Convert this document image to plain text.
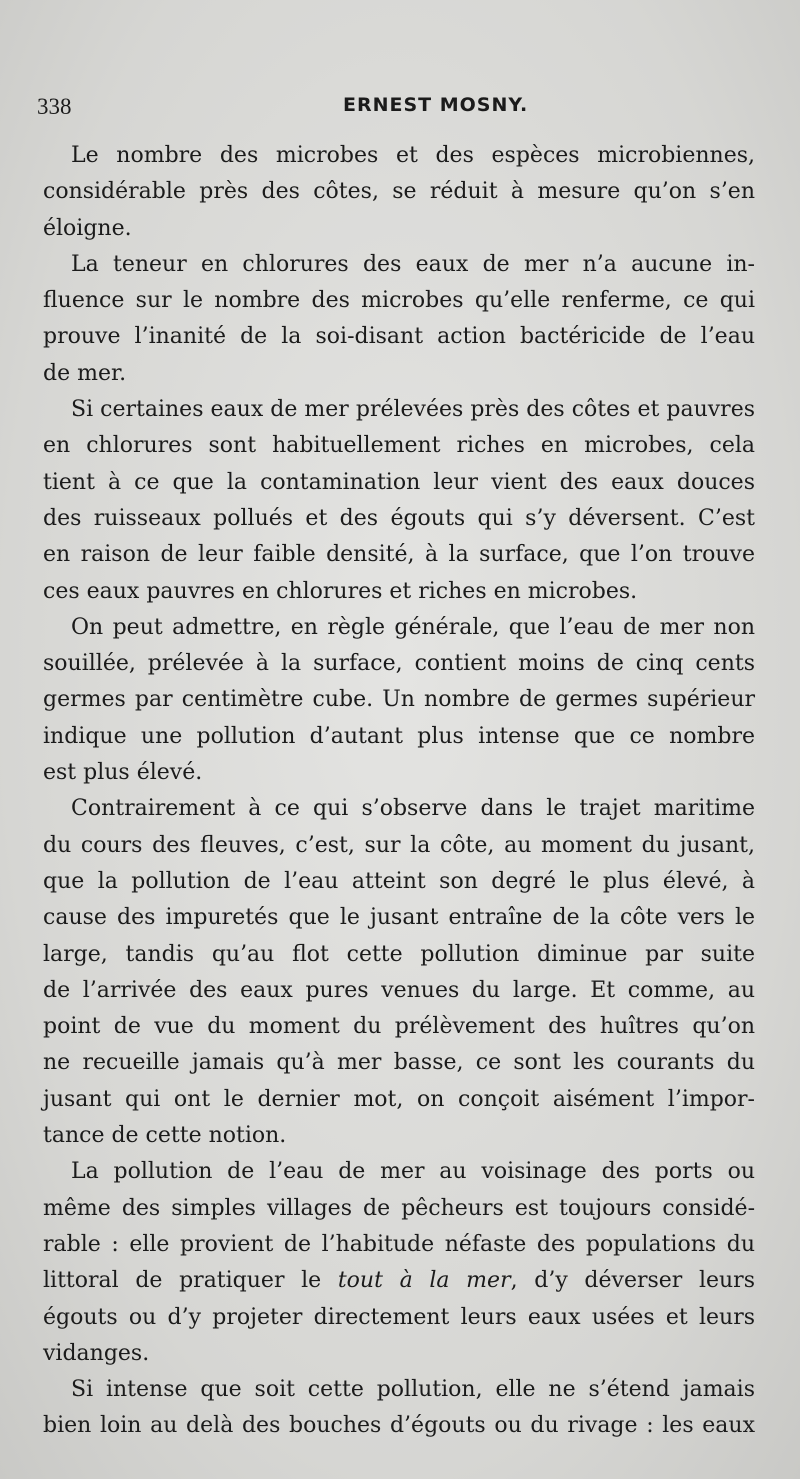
338	ERNEST MOSNY.
Le nombre des microbes et des espèces microbiennes,
considérable près des côtes, se réduit à mesure qu’on s’en
éloigne.
La teneur en chlorures des eaux de mer n’a aucune in-
fluence sur le nombre des microbes qu’elle renferme, ce qui
prouve l’inanité de la soi-disant action bactéricide de l’eau
de mer.
Si certaines eaux de mer prélevées près des côtes et pauvres
en chlorures sont habituellement riches en microbes, cela
tient à ce que la contamination leur vient des eaux douces
des ruisseaux pollués et des égouts qui s’y déversent. C’est
en raison de leur faible densité, à la surface, que l’on trouve
ces eaux pauvres en chlorures et riches en microbes.
On peut admettre, en règle générale, que l’eau de mer non
souillée, prélevée à la surface, contient moins de cinq cents
germes par centimètre cube. Un nombre de germes supérieur
indique une pollution d’autant plus intense que ce nombre
est plus élevé.
Contrairement à ce qui s’observe dans le trajet maritime
du cours des fleuves, c’est, sur la côte, au moment du jusant,
que la pollution de l’eau atteint son degré le plus élevé, à
cause des impuretés que le jusant entraîne de la côte vers le
large, tandis qu’au flot cette pollution diminue par suite
de l’arrivée des eaux pures venues du large. Et comme, au
point de vue du moment du prélèvement des huîtres qu’on
ne recueille jamais qu’à mer basse, ce sont les courants du
jusant qui ont le dernier mot, on conçoit aisément l’impor-
tance de cette notion.
La pollution de l’eau de mer au voisinage des ports ou
même des simples villages de pêcheurs est toujours considé-
rable : elle provient de l’habitude néfaste des populations du
littoral de pratiquer le tout à la mer, d’y déverser leurs
égouts ou d’y projeter directement leurs eaux usées et leurs
vidanges.
Si intense que soit cette pollution, elle ne s’étend jamais
bien loin au delà des bouches d’égouts ou du rivage : les eaux
